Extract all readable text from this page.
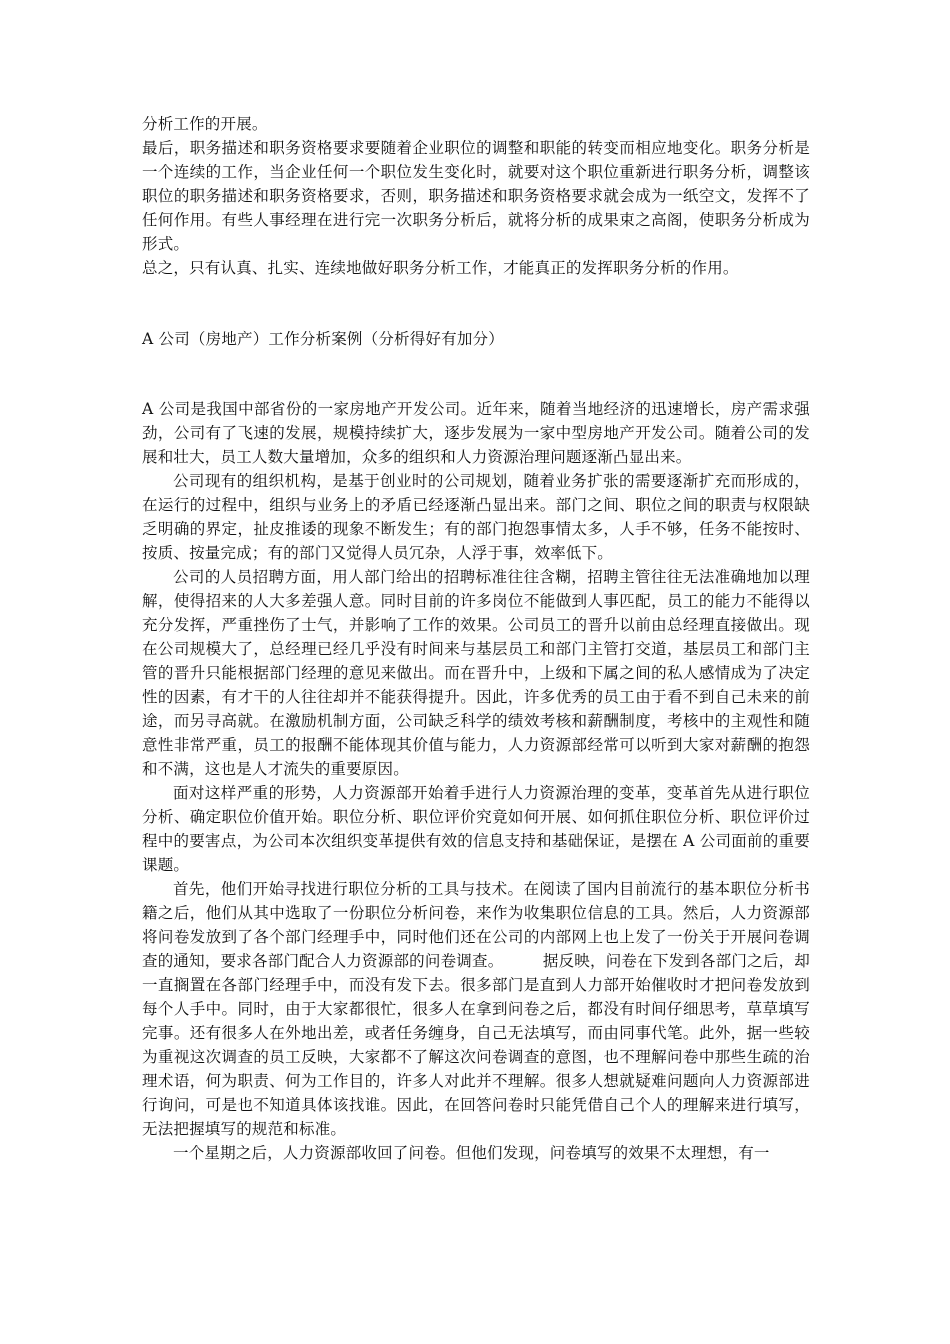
分析工作的开展。

最后，职务描述和职务资格要求要随着企业职位的调整和职能的转变而相应地变化。职务分析是一个连续的工作，当企业任何一个职位发生变化时，就要对这个职位重新进行职务分析，调整该职位的职务描述和职务资格要求，否则，职务描述和职务资格要求就会成为一纸空文，发挥不了任何作用。有些人事经理在进行完一次职务分析后，就将分析的成果束之高阁，使职务分析成为形式。

总之，只有认真、扎实、连续地做好职务分析工作，才能真正的发挥职务分析的作用。

A 公司（房地产）工作分析案例（分析得好有加分）

A 公司是我国中部省份的一家房地产开发公司。近年来，随着当地经济的迅速增长，房产需求强劲，公司有了飞速的发展，规模持续扩大，逐步发展为一家中型房地产开发公司。随着公司的发展和壮大，员工人数大量增加，众多的组织和人力资源治理问题逐渐凸显出来。

公司现有的组织机构，是基于创业时的公司规划，随着业务扩张的需要逐渐扩充而形成的，在运行的过程中，组织与业务上的矛盾已经逐渐凸显出来。部门之间、职位之间的职责与权限缺乏明确的界定，扯皮推诿的现象不断发生；有的部门抱怨事情太多，人手不够，任务不能按时、按质、按量完成；有的部门又觉得人员冗杂，人浮于事，效率低下。

公司的人员招聘方面，用人部门给出的招聘标准往往含糊，招聘主管往往无法准确地加以理解，使得招来的人大多差强人意。同时目前的许多岗位不能做到人事匹配，员工的能力不能得以充分发挥，严重挫伤了士气，并影响了工作的效果。公司员工的晋升以前由总经理直接做出。现在公司规模大了，总经理已经几乎没有时间来与基层员工和部门主管打交道，基层员工和部门主管的晋升只能根据部门经理的意见来做出。而在晋升中，上级和下属之间的私人感情成为了决定性的因素，有才干的人往往却并不能获得提升。因此，许多优秀的员工由于看不到自己未来的前途，而另寻高就。在激励机制方面，公司缺乏科学的绩效考核和薪酬制度，考核中的主观性和随意性非常严重，员工的报酬不能体现其价值与能力，人力资源部经常可以听到大家对薪酬的抱怨和不满，这也是人才流失的重要原因。

面对这样严重的形势，人力资源部开始着手进行人力资源治理的变革，变革首先从进行职位分析、确定职位价值开始。职位分析、职位评价究竟如何开展、如何抓住职位分析、职位评价过程中的要害点，为公司本次组织变革提供有效的信息支持和基础保证，是摆在 A 公司面前的重要课题。

首先，他们开始寻找进行职位分析的工具与技术。在阅读了国内目前流行的基本职位分析书籍之后，他们从其中选取了一份职位分析问卷，来作为收集职位信息的工具。然后，人力资源部将问卷发放到了各个部门经理手中，同时他们还在公司的内部网上也上发了一份关于开展问卷调查的通知，要求各部门配合人力资源部的问卷调查。　　　据反映，问卷在下发到各部门之后，却一直搁置在各部门经理手中，而没有发下去。很多部门是直到人力部开始催收时才把问卷发放到每个人手中。同时，由于大家都很忙，很多人在拿到问卷之后，都没有时间仔细思考，草草填写完事。还有很多人在外地出差，或者任务缠身，自己无法填写，而由同事代笔。此外，据一些较为重视这次调查的员工反映，大家都不了解这次问卷调查的意图，也不理解问卷中那些生疏的治理术语，何为职责、何为工作目的，许多人对此并不理解。很多人想就疑难问题向人力资源部进行询问，可是也不知道具体该找谁。因此，在回答问卷时只能凭借自己个人的理解来进行填写，无法把握填写的规范和标准。

一个星期之后，人力资源部收回了问卷。但他们发现，问卷填写的效果不太理想，有一
